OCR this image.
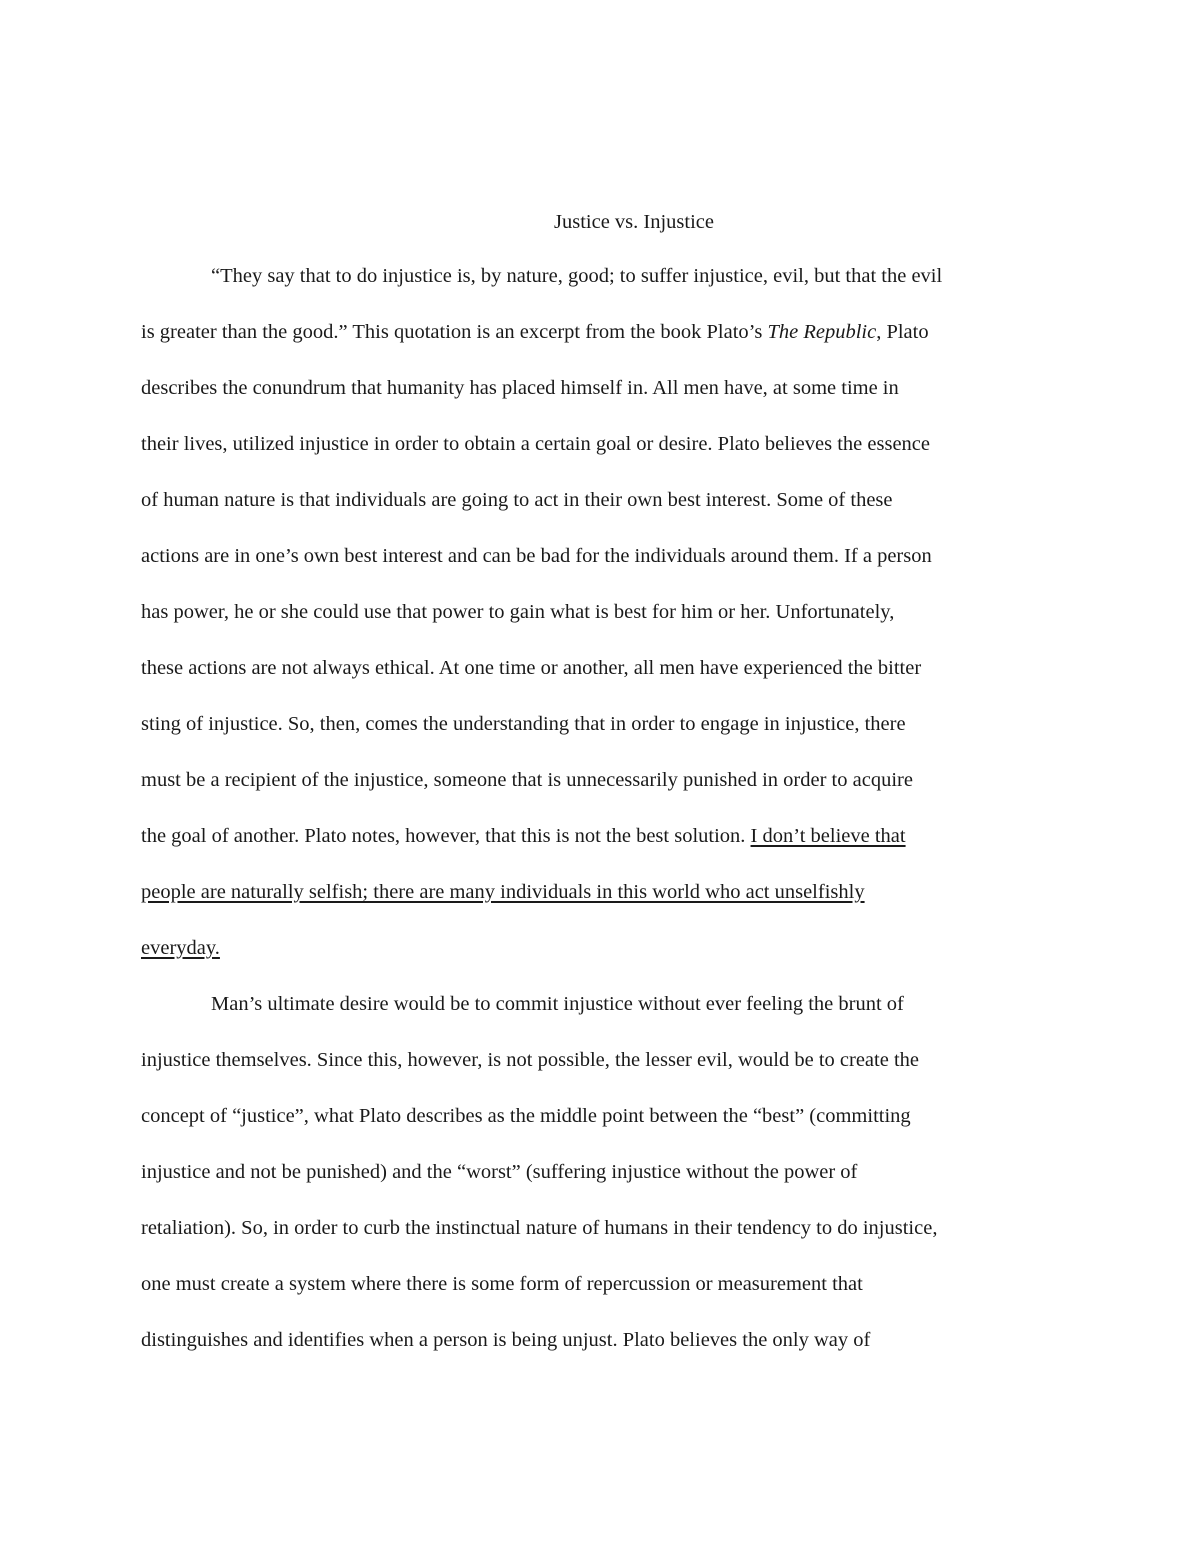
Justice vs. Injustice

“They say that to do injustice is, by nature, good; to suffer injustice, evil, but that the evil

is greater than the good.” This quotation is an excerpt from the book Plato’s The Republic, Plato

describes the conundrum that humanity has placed himself in. All men have, at some time in

their lives, utilized injustice in order to obtain a certain goal or desire. Plato believes the essence

of human nature is that individuals are going to act in their own best interest. Some of these

actions are in one’s own best interest and can be bad for the individuals around them. If a person

has power, he or she could use that power to gain what is best for him or her. Unfortunately,

these actions are not always ethical. At one time or another, all men have experienced the bitter

sting of injustice. So, then, comes the understanding that in order to engage in injustice, there

must be a recipient of the injustice, someone that is unnecessarily punished in order to acquire

the goal of another. Plato notes, however, that this is not the best solution. I don’t believe that

people are naturally selfish; there are many individuals in this world who act unselfishly

everyday.

Man’s ultimate desire would be to commit injustice without ever feeling the brunt of

injustice themselves. Since this, however, is not possible, the lesser evil, would be to create the

concept of “justice”, what Plato describes as the middle point between the “best” (committing

injustice and not be punished) and the “worst” (suffering injustice without the power of

retaliation). So, in order to curb the instinctual nature of humans in their tendency to do injustice,

one must create a system where there is some form of repercussion or measurement that

distinguishes and identifies when a person is being unjust. Plato believes the only way of
